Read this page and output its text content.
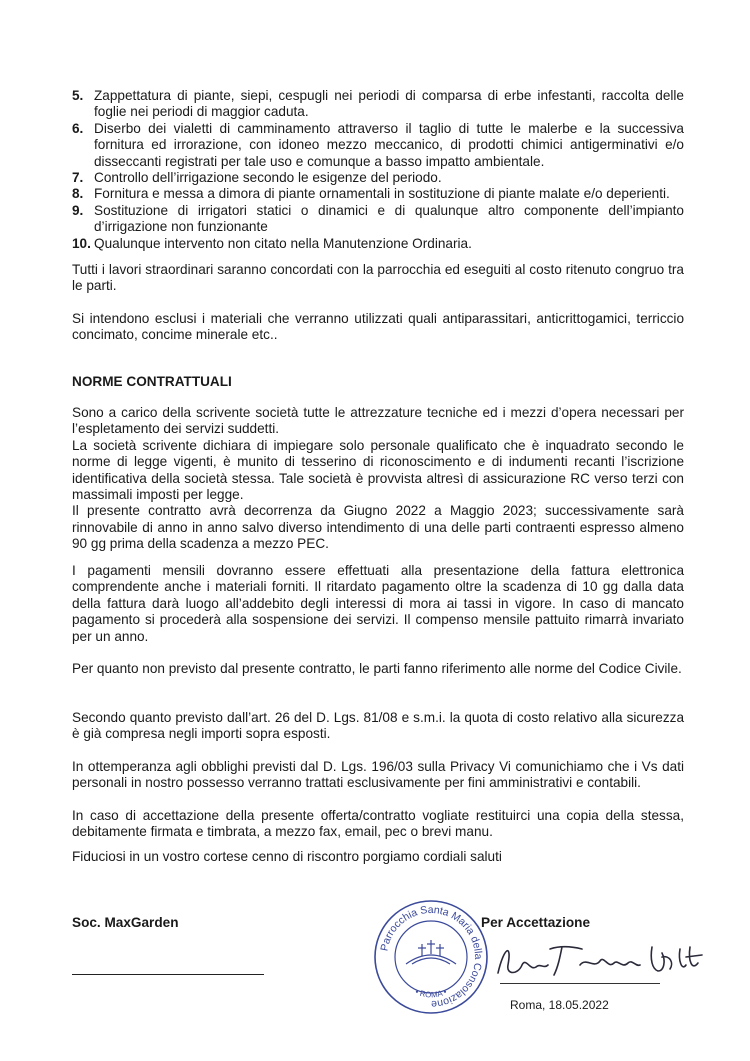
5. Zappettatura di piante, siepi, cespugli nei periodi di comparsa di erbe infestanti, raccolta delle foglie nei periodi di maggior caduta.
6. Diserbo dei vialetti di camminamento attraverso il taglio di tutte le malerbe e la successiva fornitura ed irrorazione, con idoneo mezzo meccanico, di prodotti chimici antigerminativi e/o disseccanti registrati per tale uso e comunque a basso impatto ambientale.
7. Controllo dell’irrigazione secondo le esigenze del periodo.
8. Fornitura e messa a dimora di piante ornamentali in sostituzione di piante malate e/o deperienti.
9. Sostituzione di irrigatori statici o dinamici e di qualunque altro componente dell’impianto d’irrigazione non funzionante
10. Qualunque intervento non citato nella Manutenzione Ordinaria.

Tutti i lavori straordinari saranno concordati con la parrocchia ed eseguiti al costo ritenuto congruo tra le parti.

Si intendono esclusi i materiali che verranno utilizzati quali antiparassitari, anticrittogamici, terriccio concimato, concime minerale etc..

NORME CONTRATTUALI

Sono a carico della scrivente società tutte le attrezzature tecniche ed i mezzi d’opera necessari per l’espletamento dei servizi suddetti.

La società scrivente dichiara di impiegare solo personale qualificato che è inquadrato secondo le norme di legge vigenti, è munito di tesserino di riconoscimento e di indumenti recanti l’iscrizione identificativa della società stessa. Tale società è provvista altresì di assicurazione RC verso terzi con massimali imposti per legge.

Il presente contratto avrà decorrenza da Giugno 2022 a Maggio 2023; successivamente sarà rinnovabile di anno in anno salvo diverso intendimento di una delle parti contraenti espresso almeno 90 gg prima della scadenza a mezzo PEC.

I pagamenti mensili dovranno essere effettuati alla presentazione della fattura elettronica comprendente anche i materiali forniti. Il ritardato pagamento oltre la scadenza di 10 gg dalla data della fattura darà luogo all’addebito degli interessi di mora ai tassi in vigore. In caso di mancato pagamento si procederà alla sospensione dei servizi. Il compenso mensile pattuito rimarrà invariato per un anno.

Per quanto non previsto dal presente contratto, le parti fanno riferimento alle norme del Codice Civile.

Secondo quanto previsto dall’art. 26 del D. Lgs. 81/08 e s.m.i. la quota di costo relativo alla sicurezza è già compresa negli importi sopra esposti.

In ottemperanza agli obblighi previsti dal D. Lgs. 196/03 sulla Privacy Vi comunichiamo che i Vs dati personali in nostro possesso verranno trattati esclusivamente per fini amministrativi e contabili.

In caso di accettazione della presente offerta/contratto vogliate restituirci una copia della stessa, debitamente firmata e timbrata, a mezzo fax, email, pec o brevi manu.

Fiduciosi in un vostro cortese cenno di riscontro porgiamo cordiali saluti

Soc. MaxGarden
Parrocchia Santa Maria della Consolazione
• ROMA •
Per Accettazione
Roma, 18.05.2022
